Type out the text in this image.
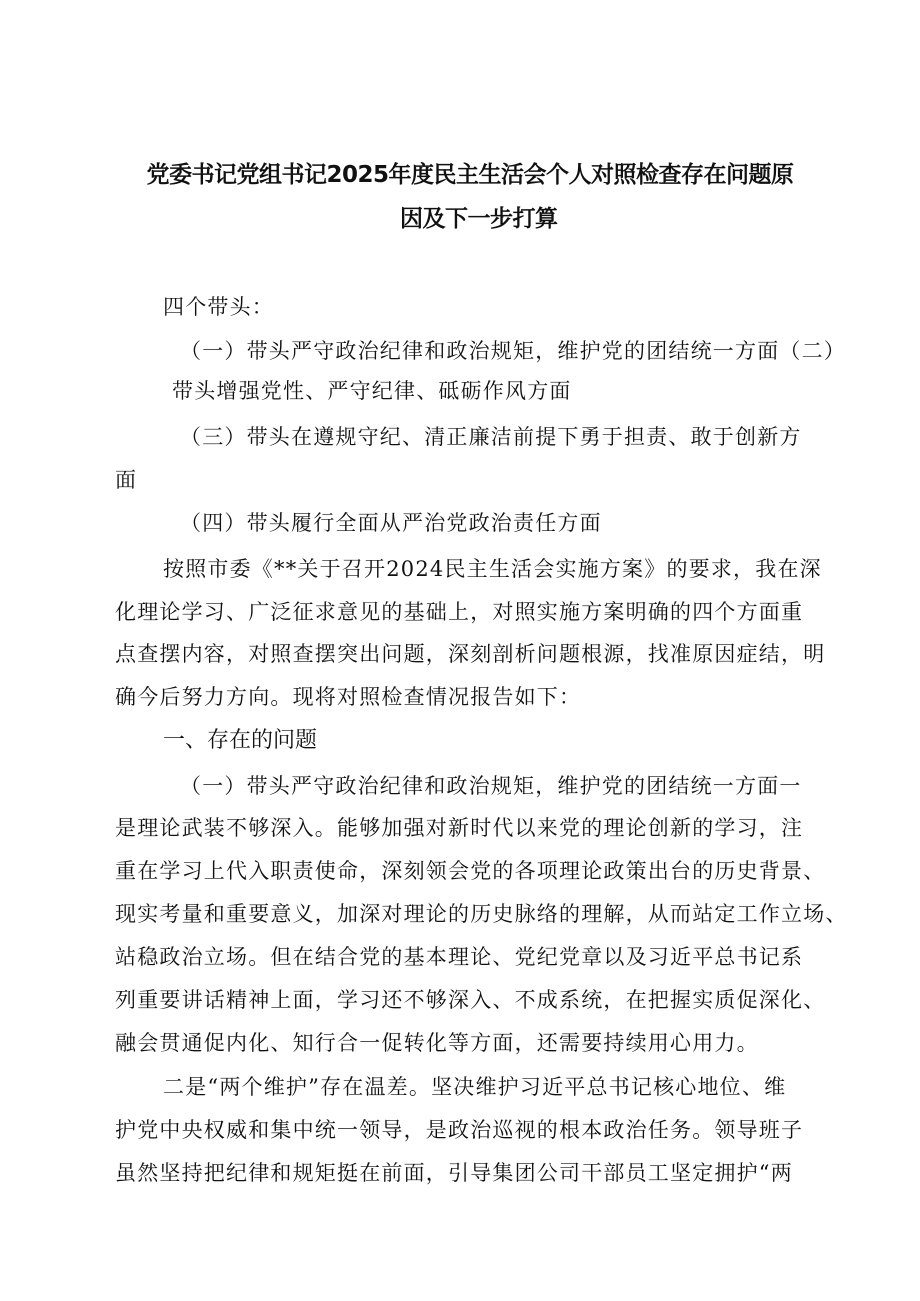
党委书记党组书记2025年度民主生活会个人对照检查存在问题原
因及下一步打算
四个带头：
（一）带头严守政治纪律和政治规矩，维护党的团结统一方面（二）
带头增强党性、严守纪律、砥砺作风方面
（三）带头在遵规守纪、清正廉洁前提下勇于担责、敢于创新方
面
（四）带头履行全面从严治党政治责任方面
按照市委《**关于召开2024民主生活会实施方案》的要求，我在深
化理论学习、广泛征求意见的基础上，对照实施方案明确的四个方面重
点查摆内容，对照查摆突出问题，深刻剖析问题根源，找准原因症结，明
确今后努力方向。现将对照检查情况报告如下：
一、存在的问题
（一）带头严守政治纪律和政治规矩，维护党的团结统一方面一
是理论武装不够深入。能够加强对新时代以来党的理论创新的学习，注
重在学习上代入职责使命，深刻领会党的各项理论政策出台的历史背景、
现实考量和重要意义，加深对理论的历史脉络的理解，从而站定工作立场、
站稳政治立场。但在结合党的基本理论、党纪党章以及习近平总书记系
列重要讲话精神上面，学习还不够深入、不成系统，在把握实质促深化、
融会贯通促内化、知行合一促转化等方面，还需要持续用心用力。
二是“两个维护”存在温差。坚决维护习近平总书记核心地位、维
护党中央权威和集中统一领导，是政治巡视的根本政治任务。领导班子
虽然坚持把纪律和规矩挺在前面，引导集团公司干部员工坚定拥护“两
